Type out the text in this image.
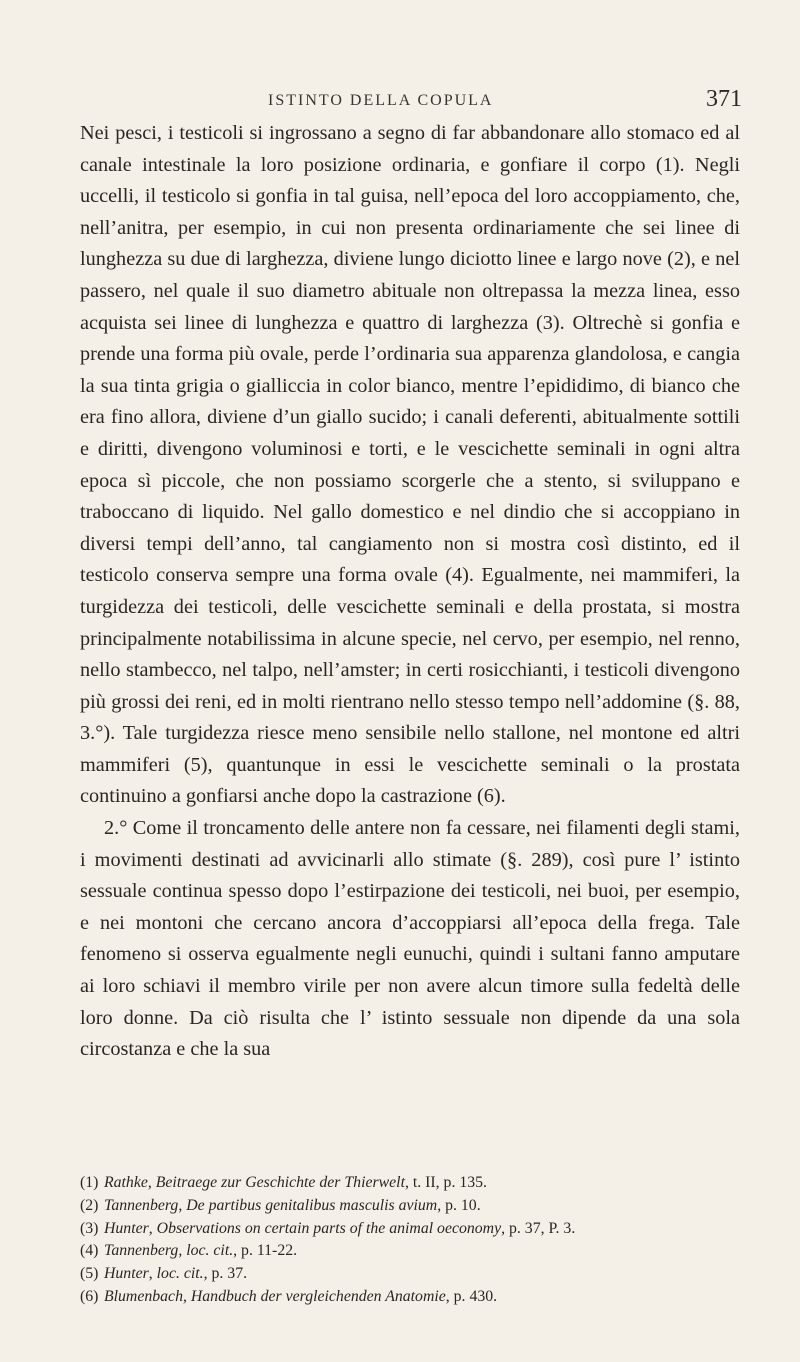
ISTINTO DELLA COPULA	371

Nei pesci, i testicoli si ingrossano a segno di far abbandonare allo stomaco ed al canale intestinale la loro posizione ordinaria, e gonfiare il corpo (1). Negli uccelli, il testicolo si gonfia in tal guisa, nell’epoca del loro accoppiamento, che, nell’anitra, per esempio, in cui non presenta ordinariamente che sei linee di lunghezza su due di larghezza, diviene lungo diciotto linee e largo nove (2), e nel passero, nel quale il suo diametro abituale non oltrepassa la mezza linea, esso acquista sei linee di lunghezza e quattro di larghezza (3). Oltrechè si gonfia e prende una forma più ovale, perde l’ordinaria sua apparenza glandolosa, e cangia la sua tinta grigia o gialliccia in color bianco, mentre l’epididimo, di bianco che era fino allora, diviene d’un giallo sucido; i canali deferenti, abitualmente sottili e diritti, divengono voluminosi e torti, e le vescichette seminali in ogni altra epoca sì piccole, che non possiamo scorgerle che a stento, si sviluppano e traboccano di liquido. Nel gallo domestico e nel dindio che si accoppiano in diversi tempi dell’anno, tal cangiamento non si mostra così distinto, ed il testicolo conserva sempre una forma ovale (4). Egualmente, nei mammiferi, la turgidezza dei testicoli, delle vescichette seminali e della prostata, si mostra principalmente notabilissima in alcune specie, nel cervo, per esempio, nel renno, nello stambecco, nel talpo, nell’amster; in certi rosicchianti, i testicoli divengono più grossi dei reni, ed in molti rientrano nello stesso tempo nell’addomine (§. 88, 3.°). Tale turgidezza riesce meno sensibile nello stallone, nel montone ed altri mammiferi (5), quantunque in essi le vescichette seminali o la prostata continuino a gonfiarsi anche dopo la castrazione (6).

2.° Come il troncamento delle antere non fa cessare, nei filamenti degli stami, i movimenti destinati ad avvicinarli allo stimate (§. 289), così pure l’ istinto sessuale continua spesso dopo l’estirpazione dei testicoli, nei buoi, per esempio, e nei montoni che cercano ancora d’accoppiarsi all’epoca della frega. Tale fenomeno si osserva egualmente negli eunuchi, quindi i sultani fanno amputare ai loro schiavi il membro virile per non avere alcun timore sulla fedeltà delle loro donne. Da ciò risulta che l’ istinto sessuale non dipende da una sola circostanza e che la sua

(1) Rathke, Beitraege zur Geschichte der Thierwelt, t. II, p. 135.
(2) Tannenberg, De partibus genitalibus masculis avium, p. 10.
(3) Hunter, Observations on certain parts of the animal oeconomy, p. 37, P. 3.
(4) Tannenberg, loc. cit., p. 11-22.
(5) Hunter, loc. cit., p. 37.
(6) Blumenbach, Handbuch der vergleichenden Anatomie, p. 430.
